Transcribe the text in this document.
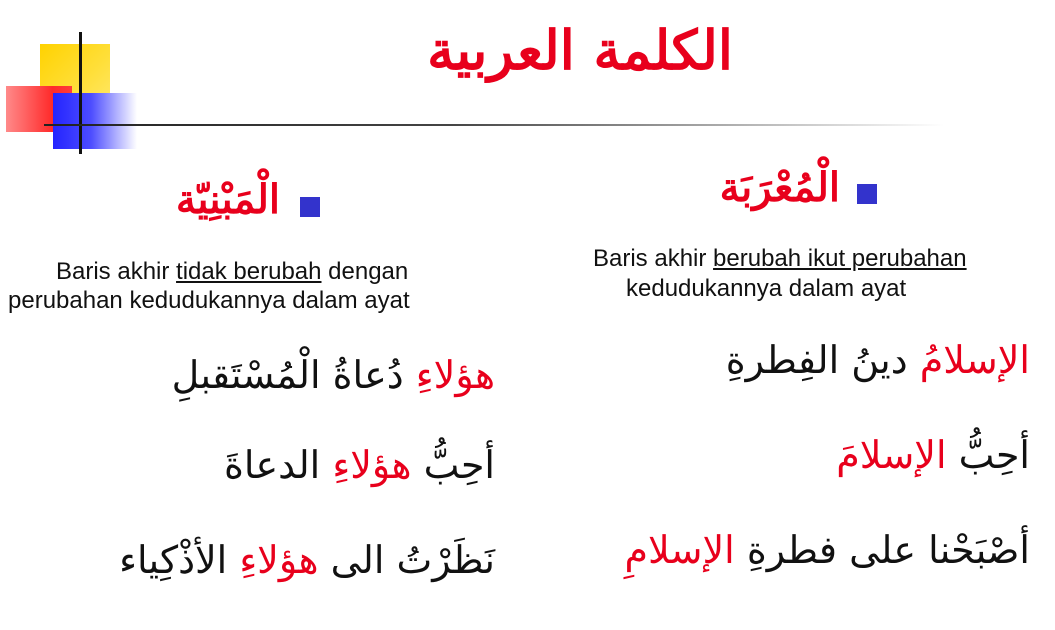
الكلمة العربية
الْمُعْرَبَة
Baris akhir berubah ikut perubahan
kedudukannya dalam ayat
الإسلامُ دينُ الفِطرةِ
أحِبُّ الإسلامَ
أصْبَحْنا على فطرةِ الإسلامِ
الْمَبْنِيّة
Baris akhir tidak berubah dengan
perubahan kedudukannya dalam ayat
هؤلاءِ دُعاةُ الْمُسْتَقبلِ
أحِبُّ هؤلاءِ الدعاةَ
نَظَرْتُ الى هؤلاءِ الأذْكِياء
